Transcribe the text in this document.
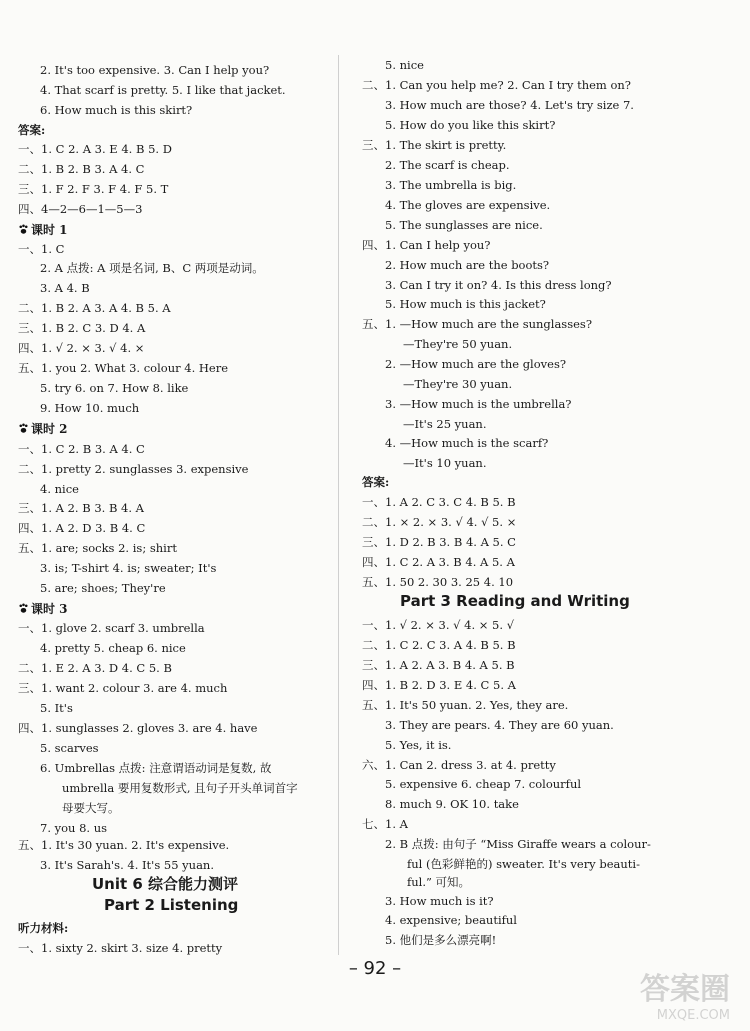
2. It's too expensive. 3. Can I help you?
4. That scarf is pretty. 5. I like that jacket.
6. How much is this skirt?
答案:
一、1. C 2. A 3. E 4. B 5. D
二、1. B 2. B 3. A 4. C
三、1. F 2. F 3. F 4. F 5. T
四、4—2—6—1—5—3
课时 1
一、1. C
2. A 点拨: A 项是名词, B、C 两项是动词。
3. A 4. B
二、1. B 2. A 3. A 4. B 5. A
三、1. B 2. C 3. D 4. A
四、1. √ 2. × 3. √ 4. ×
五、1. you 2. What 3. colour 4. Here
5. try 6. on 7. How 8. like
9. How 10. much
课时 2
一、1. C 2. B 3. A 4. C
二、1. pretty 2. sunglasses 3. expensive
4. nice
三、1. A 2. B 3. B 4. A
四、1. A 2. D 3. B 4. C
五、1. are; socks 2. is; shirt
3. is; T-shirt 4. is; sweater; It's
5. are; shoes; They're
课时 3
一、1. glove 2. scarf 3. umbrella
4. pretty 5. cheap 6. nice
二、1. E 2. A 3. D 4. C 5. B
三、1. want 2. colour 3. are 4. much
5. It's
四、1. sunglasses 2. gloves 3. are 4. have
5. scarves
6. Umbrellas 点拨: 注意谓语动词是复数, 故
umbrella 要用复数形式, 且句子开头单词首字
母要大写。
7. you 8. us
五、1. It's 30 yuan. 2. It's expensive.
3. It's Sarah's. 4. It's 55 yuan.
一、1. sixty 2. skirt 3. size 4. pretty
听力材料:
5. nice
二、1. Can you help me? 2. Can I try them on?
3. How much are those? 4. Let's try size 7.
5. How do you like this skirt?
三、1. The skirt is pretty.
2. The scarf is cheap.
3. The umbrella is big.
4. The gloves are expensive.
5. The sunglasses are nice.
四、1. Can I help you?
2. How much are the boots?
3. Can I try it on? 4. Is this dress long?
5. How much is this jacket?
五、1. —How much are the sunglasses?
—They're 50 yuan.
2. —How much are the gloves?
—They're 30 yuan.
3. —How much is the umbrella?
—It's 25 yuan.
4. —How much is the scarf?
—It's 10 yuan.
答案:
一、1. A 2. C 3. C 4. B 5. B
二、1. × 2. × 3. √ 4. √ 5. ×
三、1. D 2. B 3. B 4. A 5. C
四、1. C 2. A 3. B 4. A 5. A
五、1. 50 2. 30 3. 25 4. 10
一、1. √ 2. × 3. √ 4. × 5. √
二、1. C 2. C 3. A 4. B 5. B
三、1. A 2. A 3. B 4. A 5. B
四、1. B 2. D 3. E 4. C 5. A
五、1. It's 50 yuan. 2. Yes, they are.
3. They are pears. 4. They are 60 yuan.
5. Yes, it is.
六、1. Can 2. dress 3. at 4. pretty
5. expensive 6. cheap 7. colourful
8. much 9. OK 10. take
七、1. A
2. B 点拨: 由句子 “Miss Giraffe wears a colour-
ful (色彩鲜艳的) sweater. It's very beauti-
ful.” 可知。
3. How much is it?
4. expensive; beautiful
5. 他们是多么漂亮啊!
Unit 6 综合能力测评
Part 2 Listening
Part 3 Reading and Writing
– 92 –
答案圈
MXQE.COM
